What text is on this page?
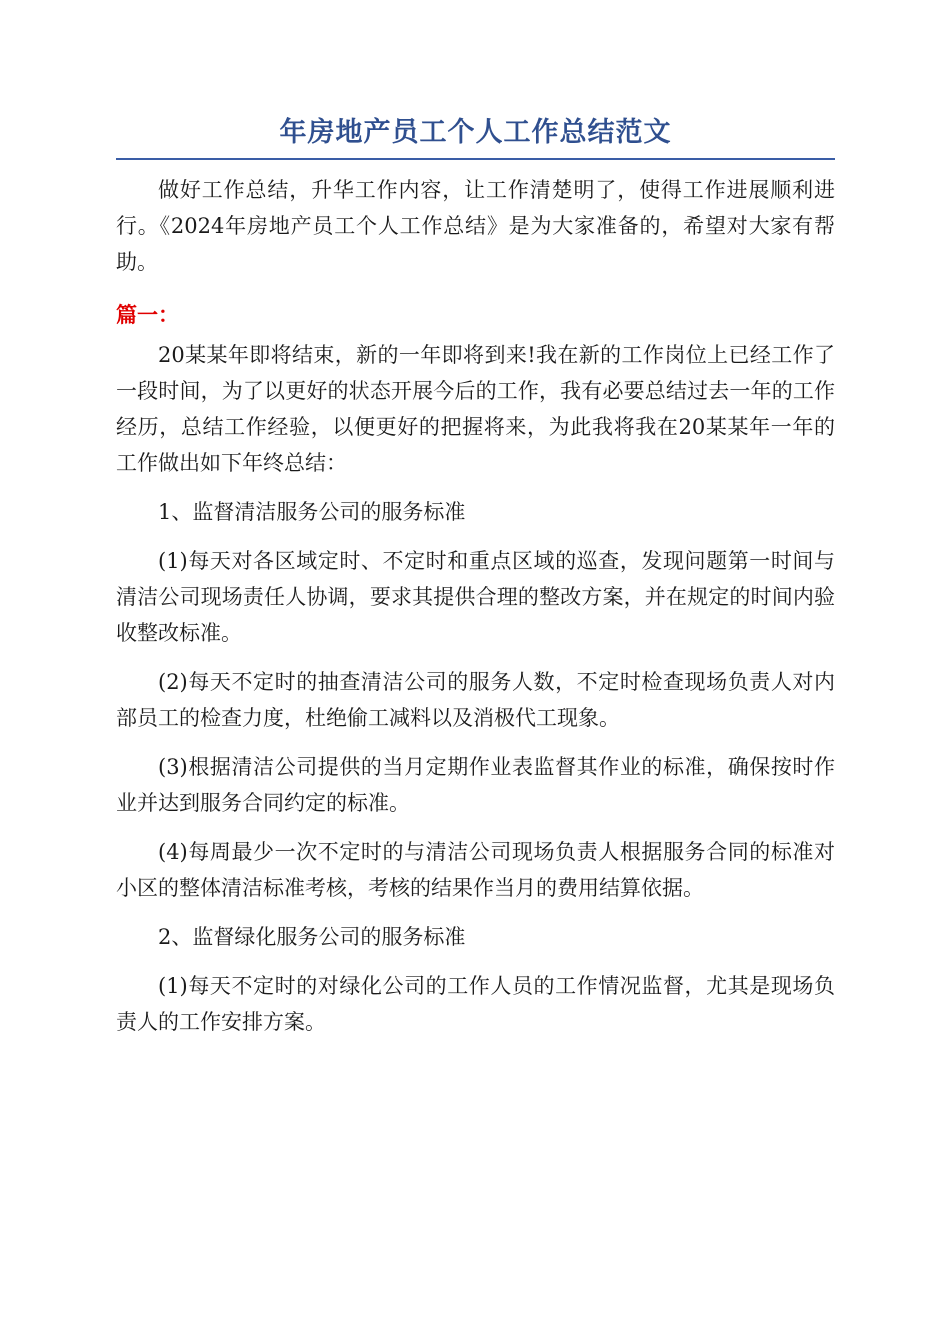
年房地产员工个人工作总结范文

做好工作总结，升华工作内容，让工作清楚明了，使得工作进展顺利进行。《2024年房地产员工个人工作总结》是为大家准备的，希望对大家有帮助。

篇一：

20某某年即将结束，新的一年即将到来!我在新的工作岗位上已经工作了一段时间，为了以更好的状态开展今后的工作，我有必要总结过去一年的工作经历，总结工作经验，以便更好的把握将来，为此我将我在20某某年一年的工作做出如下年终总结：

1、监督清洁服务公司的服务标准

(1)每天对各区域定时、不定时和重点区域的巡查，发现问题第一时间与清洁公司现场责任人协调，要求其提供合理的整改方案，并在规定的时间内验收整改标准。

(2)每天不定时的抽查清洁公司的服务人数，不定时检查现场负责人对内部员工的检查力度，杜绝偷工减料以及消极代工现象。

(3)根据清洁公司提供的当月定期作业表监督其作业的标准，确保按时作业并达到服务合同约定的标准。

(4)每周最少一次不定时的与清洁公司现场负责人根据服务合同的标准对小区的整体清洁标准考核，考核的结果作当月的费用结算依据。

2、监督绿化服务公司的服务标准

(1)每天不定时的对绿化公司的工作人员的工作情况监督，尤其是现场负责人的工作安排方案。
